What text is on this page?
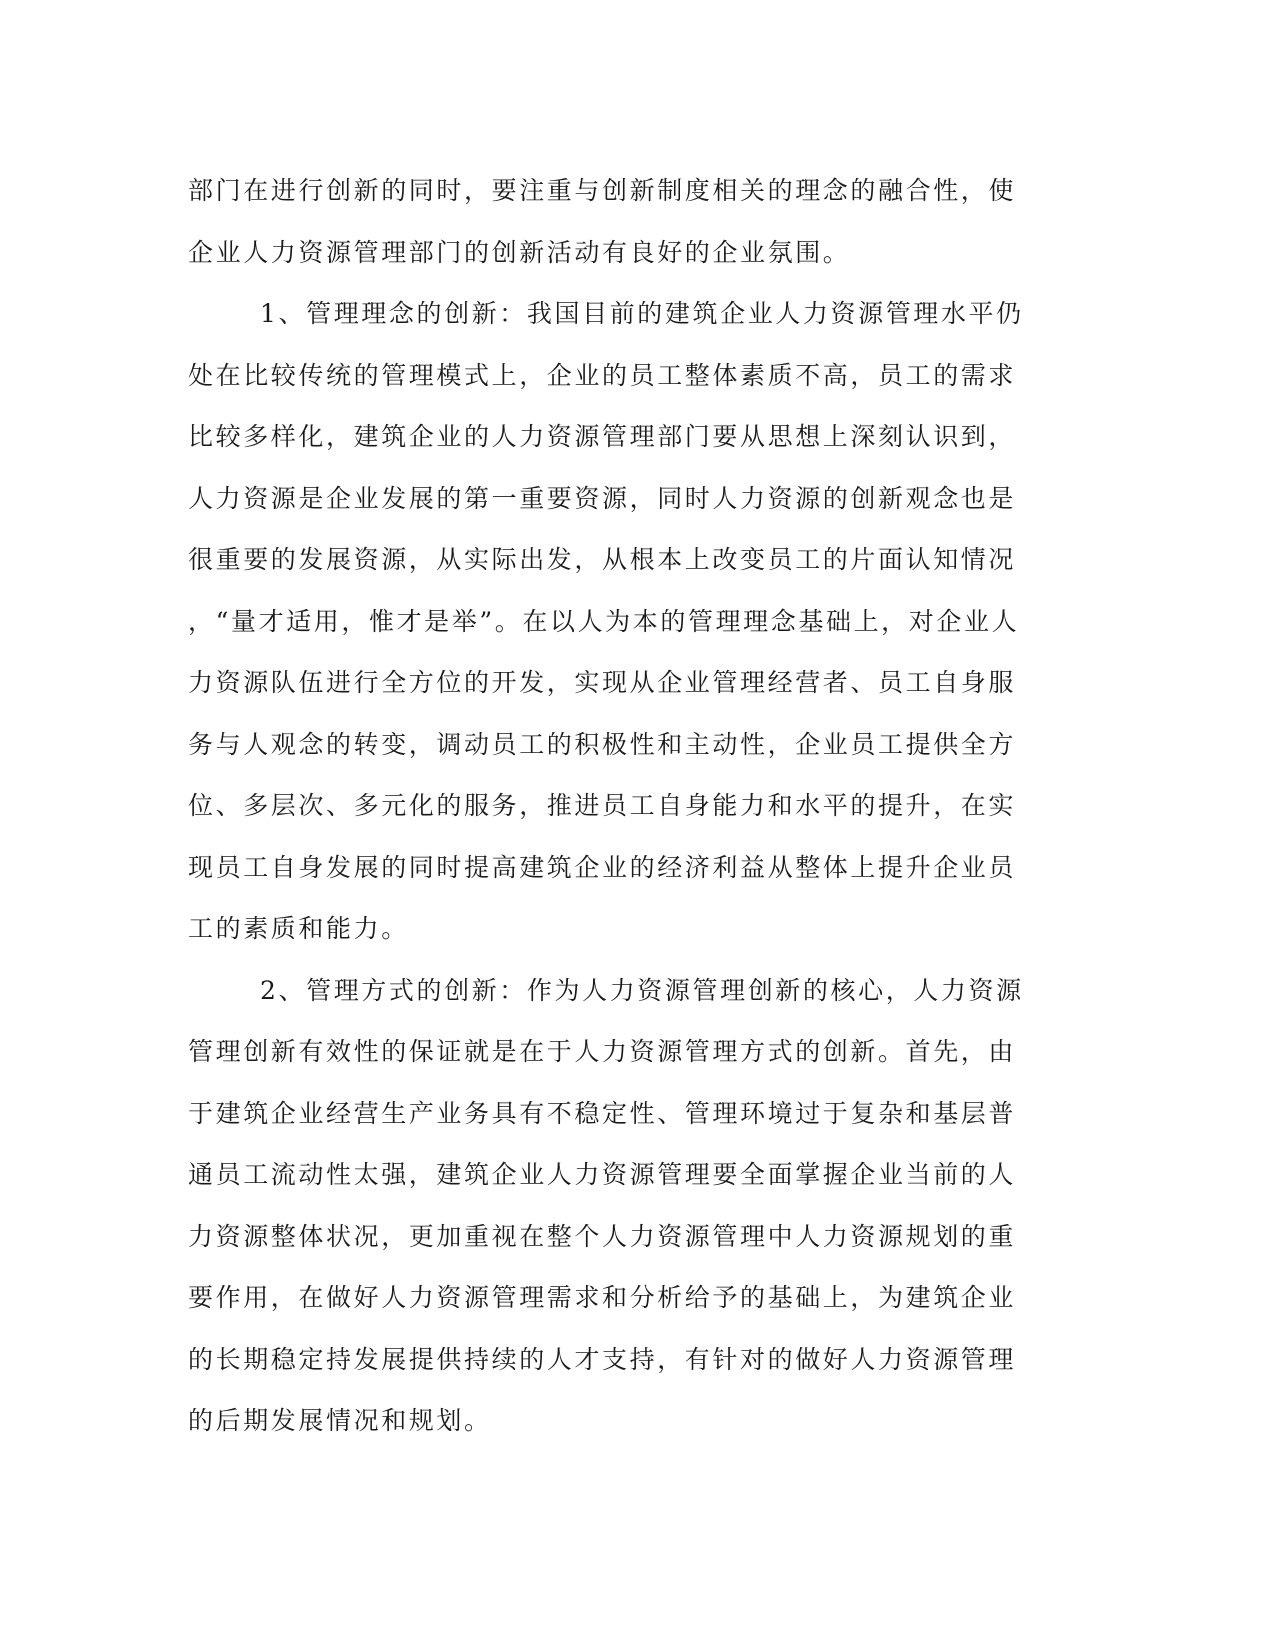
部门在进行创新的同时，要注重与创新制度相关的理念的融合性，使
企业人力资源管理部门的创新活动有良好的企业氛围。
1、管理理念的创新：我国目前的建筑企业人力资源管理水平仍
处在比较传统的管理模式上，企业的员工整体素质不高，员工的需求
比较多样化，建筑企业的人力资源管理部门要从思想上深刻认识到，
人力资源是企业发展的第一重要资源，同时人力资源的创新观念也是
很重要的发展资源，从实际出发，从根本上改变员工的片面认知情况
，“量才适用，惟才是举”。在以人为本的管理理念基础上，对企业人
力资源队伍进行全方位的开发，实现从企业管理经营者、员工自身服
务与人观念的转变，调动员工的积极性和主动性，企业员工提供全方
位、多层次、多元化的服务，推进员工自身能力和水平的提升，在实
现员工自身发展的同时提高建筑企业的经济利益从整体上提升企业员
工的素质和能力。
2、管理方式的创新：作为人力资源管理创新的核心，人力资源
管理创新有效性的保证就是在于人力资源管理方式的创新。首先，由
于建筑企业经营生产业务具有不稳定性、管理环境过于复杂和基层普
通员工流动性太强，建筑企业人力资源管理要全面掌握企业当前的人
力资源整体状况，更加重视在整个人力资源管理中人力资源规划的重
要作用，在做好人力资源管理需求和分析给予的基础上，为建筑企业
的长期稳定持发展提供持续的人才支持，有针对的做好人力资源管理
的后期发展情况和规划。
